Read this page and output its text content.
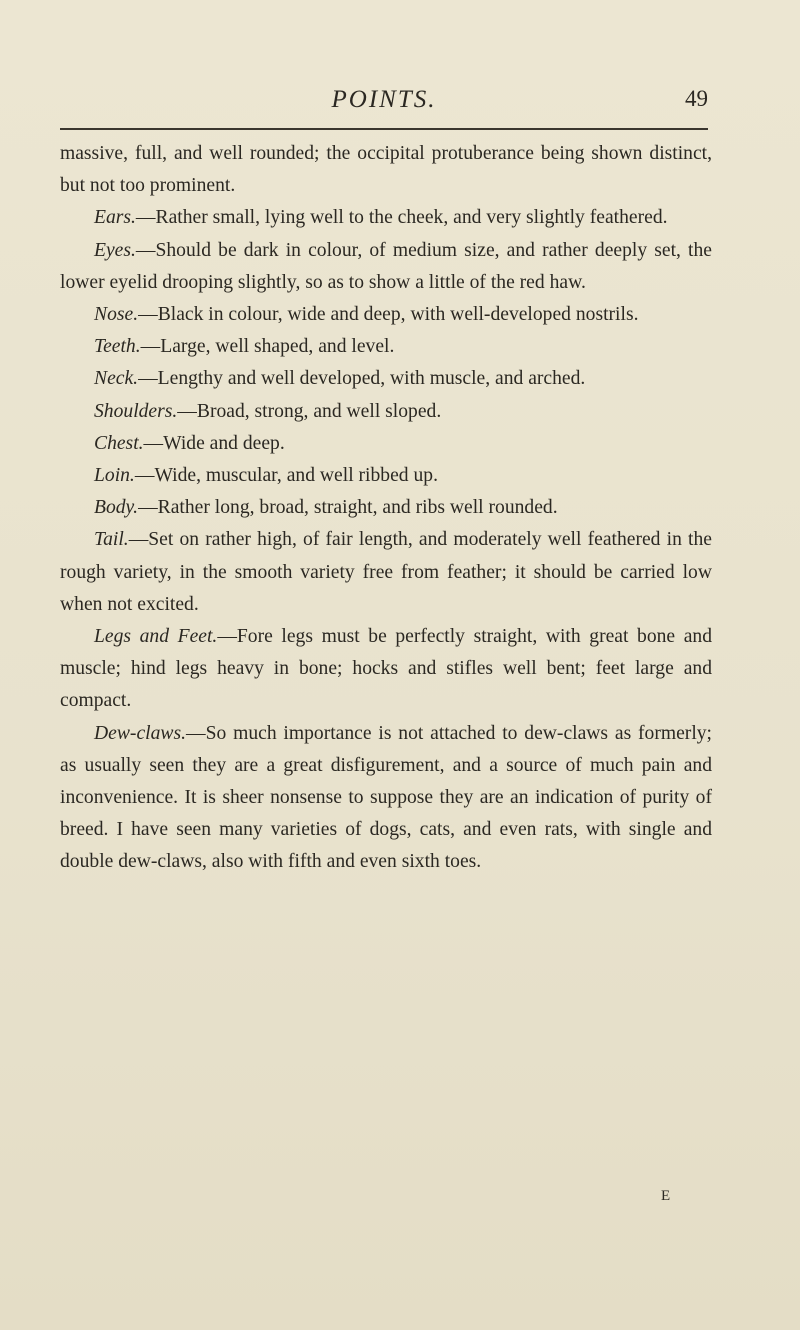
POINTS.	49

massive, full, and well rounded; the occipital protuberance being shown distinct, but not too prominent.

Ears.—Rather small, lying well to the cheek, and very slightly feathered.

Eyes.—Should be dark in colour, of medium size, and rather deeply set, the lower eyelid drooping slightly, so as to show a little of the red haw.

Nose.—Black in colour, wide and deep, with well-developed nostrils.

Teeth.—Large, well shaped, and level.

Neck.—Lengthy and well developed, with muscle, and arched.

Shoulders.—Broad, strong, and well sloped.

Chest.—Wide and deep.

Loin.—Wide, muscular, and well ribbed up.

Body.—Rather long, broad, straight, and ribs well rounded.

Tail.—Set on rather high, of fair length, and moderately well feathered in the rough variety, in the smooth variety free from feather; it should be carried low when not excited.

Legs and Feet.—Fore legs must be perfectly straight, with great bone and muscle; hind legs heavy in bone; hocks and stifles well bent; feet large and compact.

Dew-claws.—So much importance is not attached to dew-claws as formerly; as usually seen they are a great disfigurement, and a source of much pain and inconvenience. It is sheer nonsense to suppose they are an indication of purity of breed. I have seen many varieties of dogs, cats, and even rats, with single and double dew-claws, also with fifth and even sixth toes.

E
